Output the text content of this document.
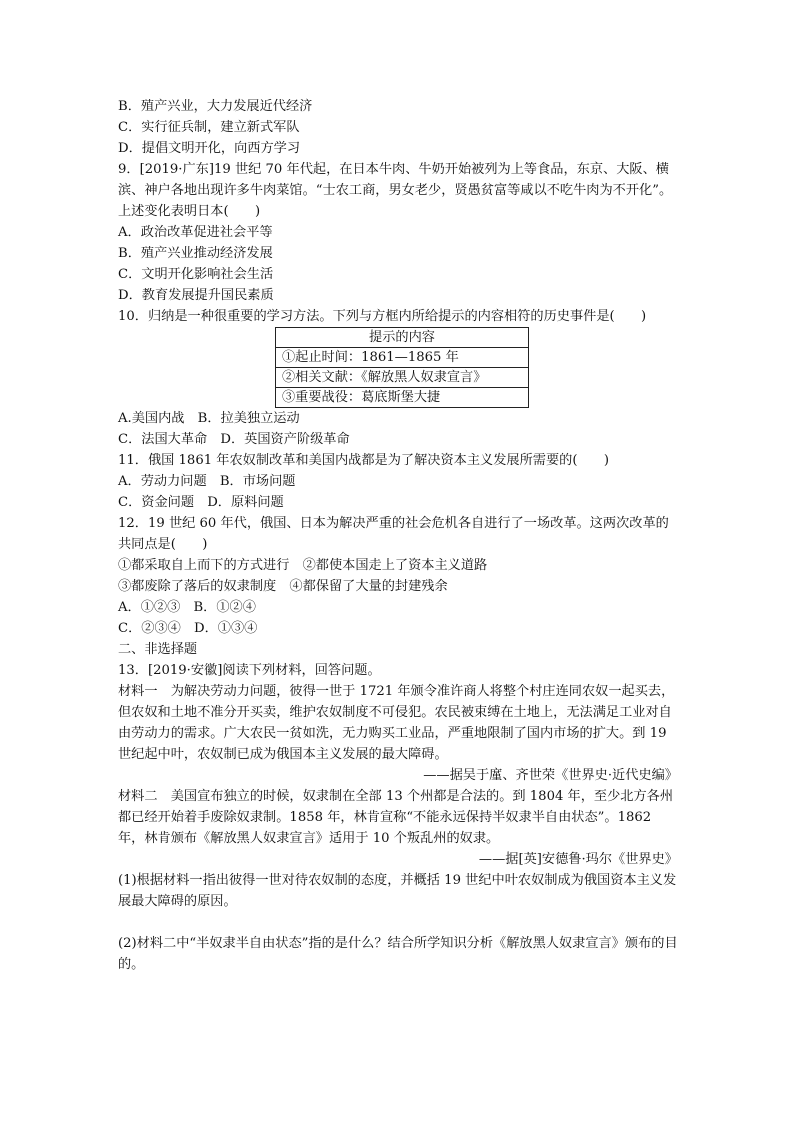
B．殖产兴业，大力发展近代经济
C．实行征兵制，建立新式军队
D．提倡文明开化，向西方学习
9．[2019·广东]19 世纪 70 年代起，在日本牛肉、牛奶开始被列为上等食品，东京、大阪、横滨、神户各地出现许多牛肉菜馆。“士农工商，男女老少，贤愚贫富等咸以不吃牛肉为不开化”。上述变化表明日本(　　)
A．政治改革促进社会平等
B．殖产兴业推动经济发展
C．文明开化影响社会生活
D．教育发展提升国民素质
10．归纳是一种很重要的学习方法。下列与方框内所给提示的内容相符的历史事件是(　　)
提示的内容
①起止时间：1861—1865 年
②相关文献：《解放黑人奴隶宣言》
③重要战役：葛底斯堡大捷
A.美国内战　B．拉美独立运动
C．法国大革命　D．英国资产阶级革命
11．俄国 1861 年农奴制改革和美国内战都是为了解决资本主义发展所需要的(　　)
A．劳动力问题　B．市场问题
C．资金问题　D．原料问题
12．19 世纪 60 年代，俄国、日本为解决严重的社会危机各自进行了一场改革。这两次改革的共同点是(　　)
①都采取自上而下的方式进行　②都使本国走上了资本主义道路
③都废除了落后的奴隶制度　④都保留了大量的封建残余
A．①②③　B．①②④
C．②③④　D．①③④
二、非选择题
13．[2019·安徽]阅读下列材料，回答问题。
材料一　为解决劳动力问题，彼得一世于 1721 年颁令准许商人将整个村庄连同农奴一起买去，但农奴和土地不准分开买卖，维护农奴制度不可侵犯。农民被束缚在土地上，无法满足工业对自由劳动力的需求。广大农民一贫如洗，无力购买工业品，严重地限制了国内市场的扩大。到 19 世纪起中叶，农奴制已成为俄国本主义发展的最大障碍。
——据吴于廑、齐世荣《世界史·近代史编》
材料二　美国宣布独立的时候，奴隶制在全部 13 个州都是合法的。到 1804 年，至少北方各州都已经开始着手废除奴隶制。1858 年，林肯宣称“不能永远保持半奴隶半自由状态”。1862 年，林肯颁布《解放黑人奴隶宣言》适用于 10 个叛乱州的奴隶。
——据[英]安德鲁·玛尔《世界史》
(1)根据材料一指出彼得一世对待农奴制的态度，并概括 19 世纪中叶农奴制成为俄国资本主义发展最大障碍的原因。
(2)材料二中“半奴隶半自由状态”指的是什么？结合所学知识分析《解放黑人奴隶宣言》颁布的目的。
